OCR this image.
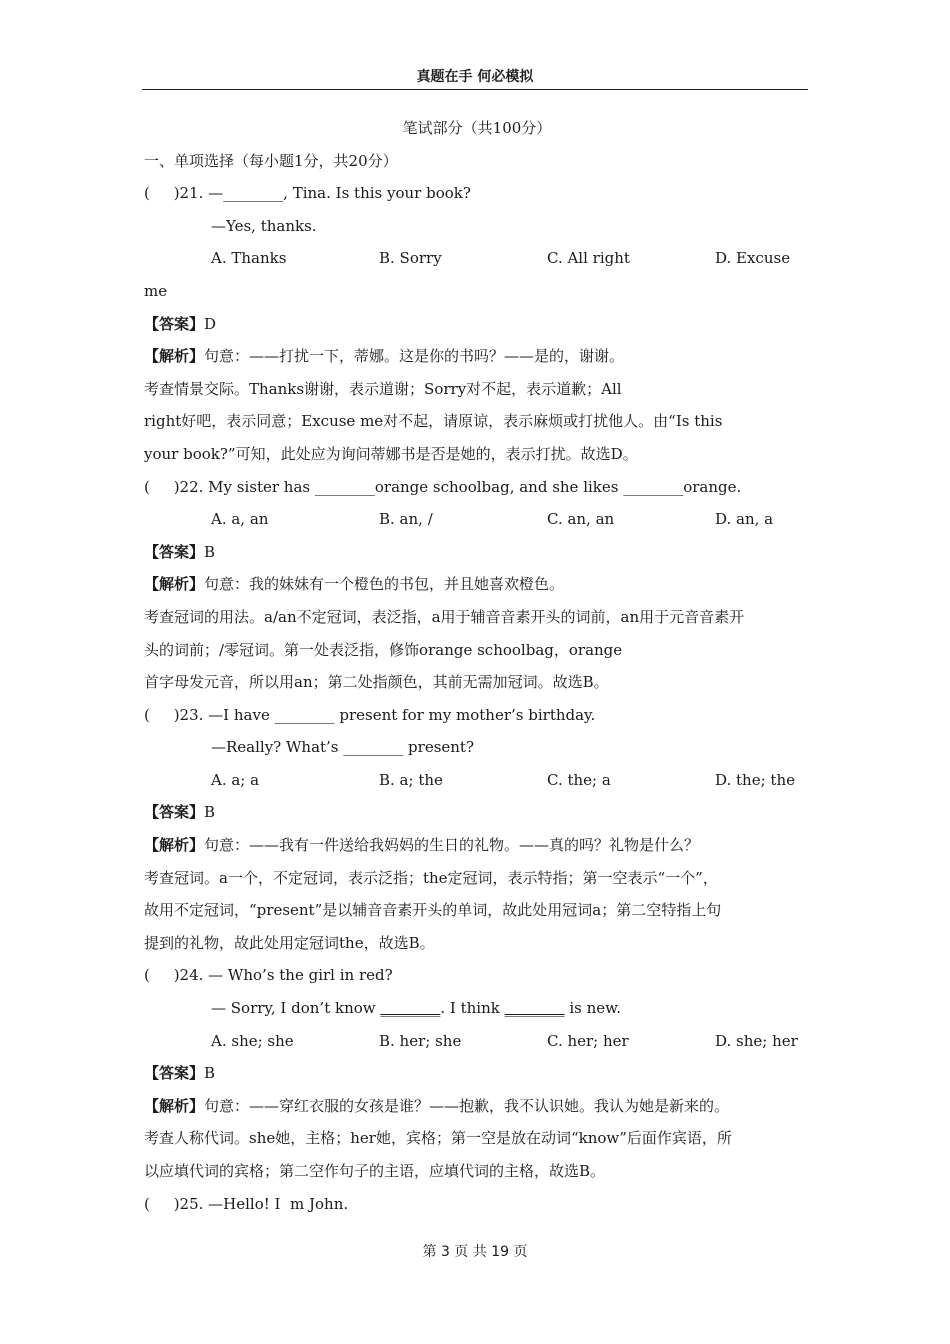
真题在手 何必模拟
笔试部分（共100分）
一、单项选择（每小题1分，共20分）
(     )21. —________, Tina. Is this your book?
—Yes, thanks.
A. Thanks	B. Sorry	C. All right	D. Excuse
me
【答案】D
【解析】句意：——打扰一下，蒂娜。这是你的书吗？——是的，谢谢。
考查情景交际。Thanks谢谢，表示道谢；Sorry对不起，表示道歉；All
right好吧，表示同意；Excuse me对不起，请原谅，表示麻烦或打扰他人。由“Is this
your book?”可知，此处应为询问蒂娜书是否是她的，表示打扰。故选D。
(     )22. My sister has ________orange schoolbag, and she likes ________orange.
A. a, an	B. an, /	C. an, an	D. an, a
【答案】B
【解析】句意：我的妹妹有一个橙色的书包，并且她喜欢橙色。
考查冠词的用法。a/an不定冠词，表泛指，a用于辅音音素开头的词前，an用于元音音素开
头的词前；/零冠词。第一处表泛指，修饰orange schoolbag，orange
首字母发元音，所以用an；第二处指颜色，其前无需加冠词。故选B。
(     )23. —I have ________ present for my mother’s birthday.
—Really? What’s ________ present?
A. a; a	B. a; the	C. the; a	D. the; the
【答案】B
【解析】句意：——我有一件送给我妈妈的生日的礼物。——真的吗？礼物是什么？
考查冠词。a一个，不定冠词，表示泛指；the定冠词，表示特指；第一空表示“一个”，
故用不定冠词，“present”是以辅音音素开头的单词，故此处用冠词a；第二空特指上句
提到的礼物，故此处用定冠词the，故选B。
(     )24. — Who’s the girl in red?
— Sorry, I don’t know ________. I think ________ is new.
A. she; she	B. her; she	C. her; her	D. she; her
【答案】B
【解析】句意：——穿红衣服的女孩是谁？——抱歉，我不认识她。我认为她是新来的。
考查人称代词。she她，主格；her她，宾格；第一空是放在动词“know”后面作宾语，所
以应填代词的宾格；第二空作句子的主语，应填代词的主格，故选B。
(     )25. —Hello! I  m John.
第 3 页 共 19 页
